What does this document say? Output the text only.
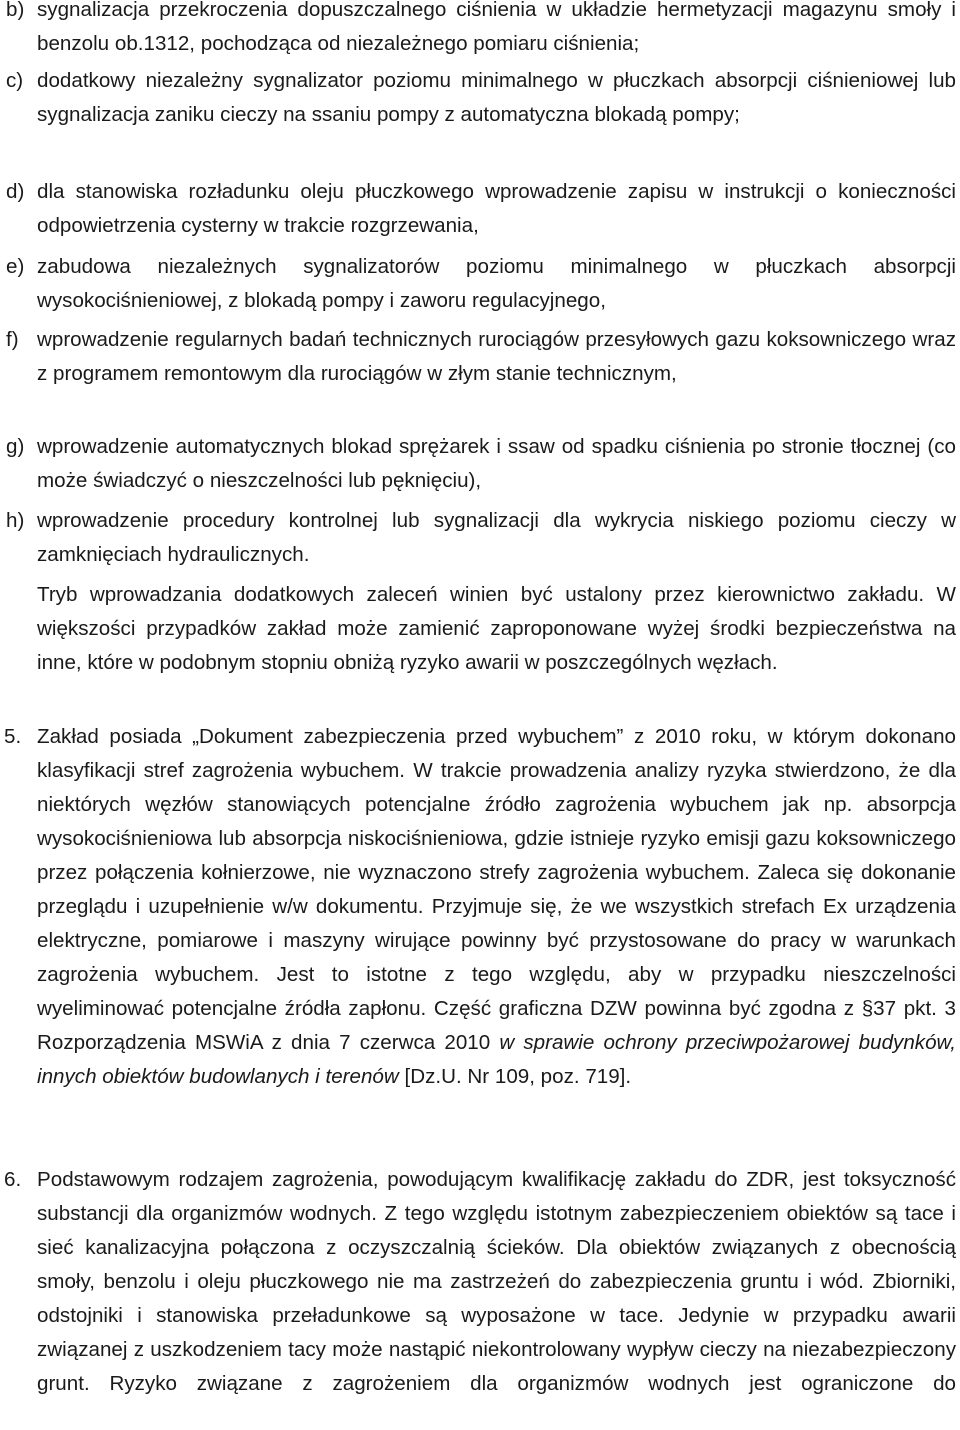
b) sygnalizacja przekroczenia dopuszczalnego ciśnienia w układzie hermetyzacji magazynu smoły i benzolu ob.1312, pochodząca od niezależnego pomiaru ciśnienia;

c) dodatkowy niezależny sygnalizator poziomu minimalnego w płuczkach absorpcji ciśnieniowej lub sygnalizacja zaniku cieczy na ssaniu pompy z automatyczna blokadą pompy;

d) dla stanowiska rozładunku oleju płuczkowego wprowadzenie zapisu w instrukcji o konieczności odpowietrzenia cysterny w trakcie rozgrzewania,

e) zabudowa niezależnych sygnalizatorów poziomu minimalnego w płuczkach absorpcji wysokociśnieniowej, z blokadą pompy i zaworu regulacyjnego,

f) wprowadzenie regularnych badań technicznych rurociągów przesyłowych gazu koksowniczego wraz z programem remontowym dla rurociągów w złym stanie technicznym,

g) wprowadzenie automatycznych blokad sprężarek i ssaw od spadku ciśnienia po stronie tłocznej (co może świadczyć o nieszczelności lub pęknięciu),

h) wprowadzenie procedury kontrolnej lub sygnalizacji dla wykrycia niskiego poziomu cieczy w zamknięciach hydraulicznych.

Tryb wprowadzania dodatkowych zaleceń winien być ustalony przez kierownictwo zakładu. W większości przypadków zakład może zamienić zaproponowane wyżej środki bezpieczeństwa na inne, które w podobnym stopniu obniżą ryzyko awarii w poszczególnych węzłach.

5. Zakład posiada „Dokument zabezpieczenia przed wybuchem” z 2010 roku, w którym dokonano klasyfikacji stref zagrożenia wybuchem. W trakcie prowadzenia analizy ryzyka stwierdzono, że dla niektórych węzłów stanowiących potencjalne źródło zagrożenia wybuchem jak np. absorpcja wysokociśnieniowa lub absorpcja niskociśnieniowa, gdzie istnieje ryzyko emisji gazu koksowniczego przez połączenia kołnierzowe, nie wyznaczono strefy zagrożenia wybuchem. Zaleca się dokonanie przeglądu i uzupełnienie w/w dokumentu. Przyjmuje się, że we wszystkich strefach Ex urządzenia elektryczne, pomiarowe i maszyny wirujące powinny być przystosowane do pracy w warunkach zagrożenia wybuchem. Jest to istotne z tego względu, aby w przypadku nieszczelności wyeliminować potencjalne źródła zapłonu. Część graficzna DZW powinna być zgodna z §37 pkt. 3 Rozporządzenia MSWiA z dnia 7 czerwca 2010 w sprawie ochrony przeciwpożarowej budynków, innych obiektów budowlanych i terenów [Dz.U. Nr 109, poz. 719].

6. Podstawowym rodzajem zagrożenia, powodującym kwalifikację zakładu do ZDR, jest toksyczność substancji dla organizmów wodnych. Z tego względu istotnym zabezpieczeniem obiektów są tace i sieć kanalizacyjna połączona z oczyszczalnią ścieków. Dla obiektów związanych z obecnością smoły, benzolu i oleju płuczkowego nie ma zastrzeżeń do zabezpieczenia gruntu i wód. Zbiorniki, odstojniki i stanowiska przeładunkowe są wyposażone w tace. Jedynie w przypadku awarii związanej z uszkodzeniem tacy może nastąpić niekontrolowany wypływ cieczy na niezabezpieczony grunt. Ryzyko związane z zagrożeniem dla organizmów wodnych jest ograniczone do
